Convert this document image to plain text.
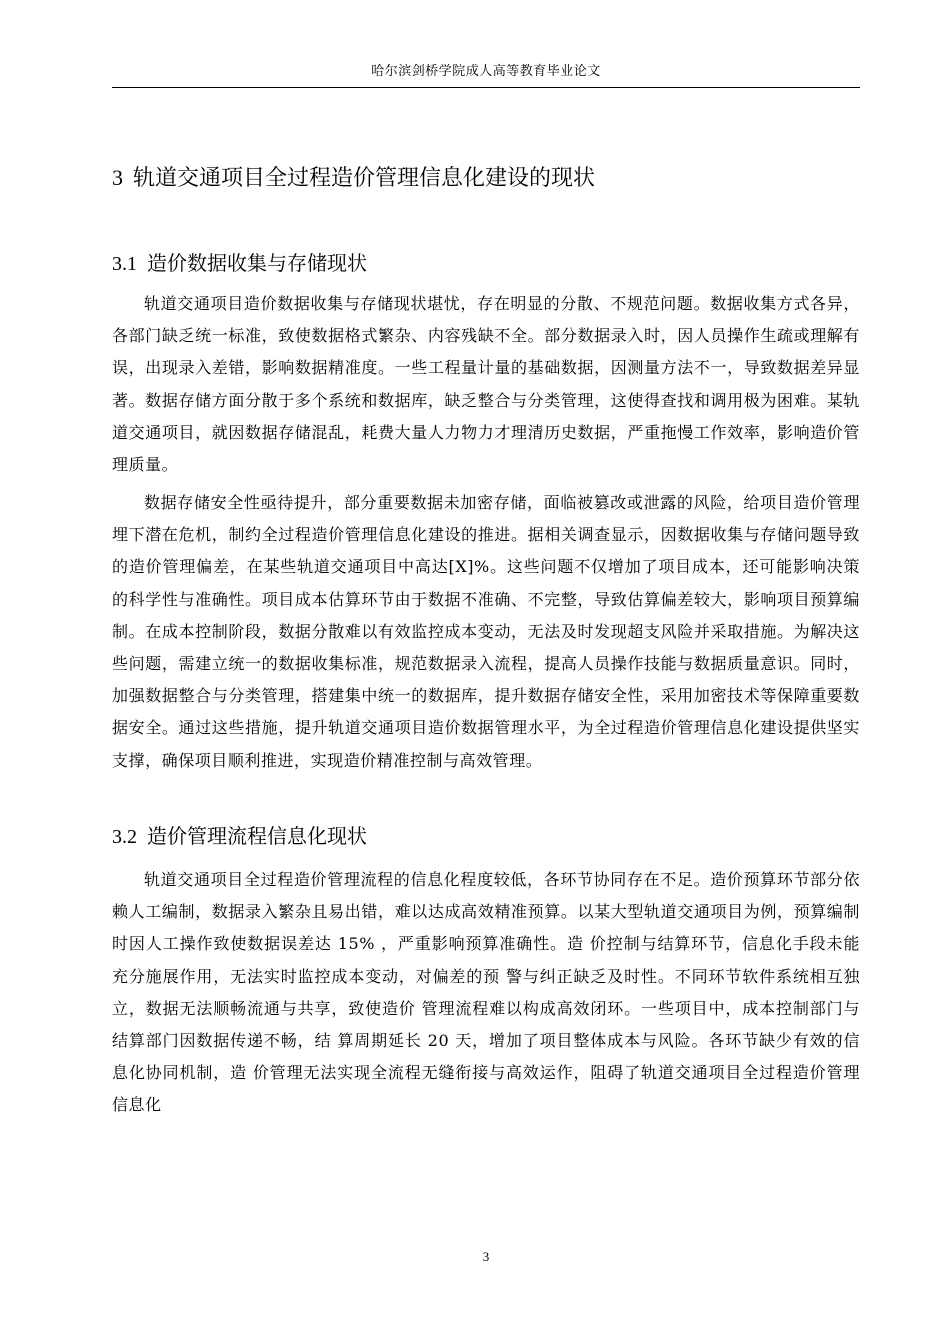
哈尔滨剑桥学院成人高等教育毕业论文
3 轨道交通项目全过程造价管理信息化建设的现状
3.1 造价数据收集与存储现状

轨道交通项目造价数据收集与存储现状堪忧，存在明显的分散、不规范问题。数据收集方式各异，各部门缺乏统一标准，致使数据格式繁杂、内容残缺不全。部分数据录入时，因人员操作生疏或理解有误，出现录入差错，影响数据精准度。一些工程量计量的基础数据，因测量方法不一，导致数据差异显著。数据存储方面分散于多个系统和数据库，缺乏整合与分类管理，这使得查找和调用极为困难。某轨道交通项目，就因数据存储混乱，耗费大量人力物力才理清历史数据，严重拖慢工作效率，影响造价管理质量。

数据存储安全性亟待提升，部分重要数据未加密存储，面临被篡改或泄露的风险，给项目造价管理埋下潜在危机，制约全过程造价管理信息化建设的推进。据相关调查显示，因数据收集与存储问题导致的造价管理偏差，在某些轨道交通项目中高达[X]%。这些问题不仅增加了项目成本，还可能影响决策的科学性与准确性。项目成本估算环节由于数据不准确、不完整，导致估算偏差较大，影响项目预算编制。在成本控制阶段，数据分散难以有效监控成本变动，无法及时发现超支风险并采取措施。为解决这些问题，需建立统一的数据收集标准，规范数据录入流程，提高人员操作技能与数据质量意识。同时，加强数据整合与分类管理，搭建集中统一的数据库，提升数据存储安全性，采用加密技术等保障重要数据安全。通过这些措施，提升轨道交通项目造价数据管理水平，为全过程造价管理信息化建设提供坚实支撑，确保项目顺利推进，实现造价精准控制与高效管理。

3.2 造价管理流程信息化现状

轨道交通项目全过程造价管理流程的信息化程度较低，各环节协同存在不足。造价预算环节部分依赖人工编制，数据录入繁杂且易出错，难以达成高效精准预算。以某大型轨道交通项目为例，预算编制时因人工操作致使数据误差达 15% ，严重影响预算准确性。造 价控制与结算环节，信息化手段未能充分施展作用，无法实时监控成本变动，对偏差的预 警与纠正缺乏及时性。不同环节软件系统相互独立，数据无法顺畅流通与共享，致使造价 管理流程难以构成高效闭环。一些项目中，成本控制部门与结算部门因数据传递不畅，结 算周期延长 20 天，增加了项目整体成本与风险。各环节缺少有效的信息化协同机制，造 价管理无法实现全流程无缝衔接与高效运作，阻碍了轨道交通项目全过程造价管理信息化

3
